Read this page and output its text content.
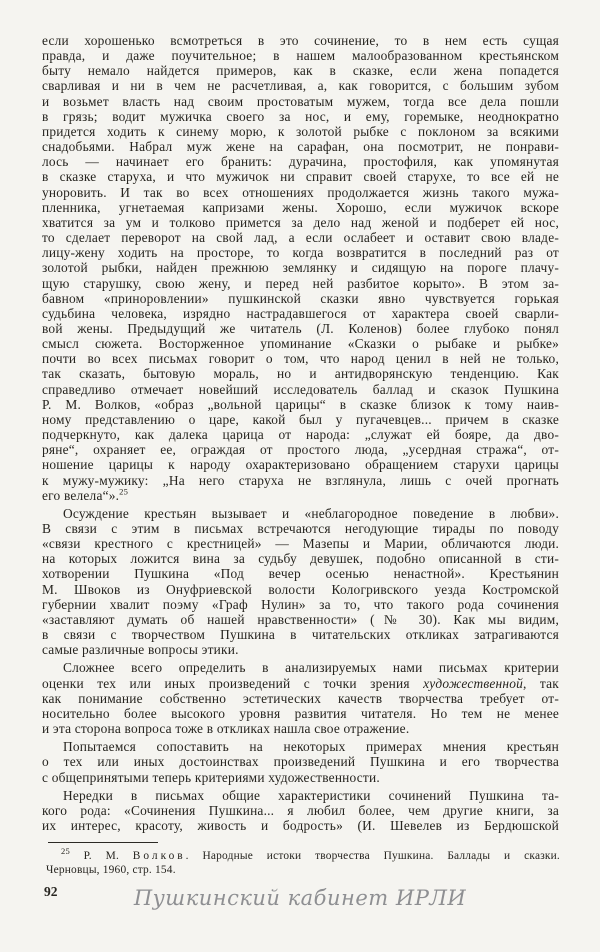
если хорошенько всмотреться в это сочинение, то в нем есть сущая
правда, и даже поучительное; в нашем малообразованном крестьянском
быту немало найдется примеров, как в сказке, если жена попадется
сварливая и ни в чем не расчетливая, а, как говорится, с большим зубом
и возьмет власть над своим простоватым мужем, тогда все дела пошли
в грязь; водит мужичка своего за нос, и ему, горемыке, неоднократно
придется ходить к синему морю, к золотой рыбке с поклоном за всякими
снадобьями. Набрал муж жене на сарафан, она посмотрит, не понрави-
лось — начинает его бранить: дурачина, простофиля, как упомянутая
в сказке старуха, и что мужичок ни справит своей старухе, то все ей не
уноровить. И так во всех отношениях продолжается жизнь такого мужа-
пленника, угнетаемая капризами жены. Хорошо, если мужичок вскоре
хватится за ум и толково примется за дело над женой и подберет ей нос,
то сделает переворот на свой лад, а если ослабеет и оставит свою владе-
лицу-жену ходить на просторе, то когда возвратится в последний раз от
золотой рыбки, найден прежнюю землянку и сидящую на пороге плачу-
щую старушку, свою жену, и перед ней разбитое корыто». В этом за-
бавном «приноровлении» пушкинской сказки явно чувствуется горькая
судьбина человека, изрядно настрадавшегося от характера своей сварли-
вой жены. Предыдущий же читатель (Л. Коленов) более глубоко понял
смысл сюжета. Восторженное упоминание «Сказки о рыбаке и рыбке»
почти во всех письмах говорит о том, что народ ценил в ней не только,
так сказать, бытовую мораль, но и антидворянскую тенденцию. Как
справедливо отмечает новейший исследователь баллад и сказок Пушкина
Р. М. Волков, «образ „вольной царицы“ в сказке близок к тому наив-
ному представлению о царе, какой был у пугачевцев... причем в сказке
подчеркнуто, как далека царица от народа: „служат ей бояре, да дво-
ряне“, охраняет ее, ограждая от простого люда, „усердная стража“, от-
ношение царицы к народу охарактеризовано обращением старухи царицы
к мужу-мужику: „На него старуха не взглянула, лишь с очей прогнать
его велела“».$^{25}$
Осуждение крестьян вызывает и «неблагородное поведение в любви».
В связи с этим в письмах встречаются негодующие тирады по поводу
«связи крестного с крестницей» — Мазепы и Марии, обличаются люди.
на которых ложится вина за судьбу девушек, подобно описанной в сти-
хотворении Пушкина «Под вечер осенью ненастной». Крестьянин
М. Швоков из Онуфриевской волости Кологривского уезда Костромской
губернии хвалит поэму «Граф Нулин» за то, что такого рода сочинения
«заставляют думать об нашей нравственности» (№ 30). Как мы видим,
в связи с творчеством Пушкина в читательских откликах затрагиваются
самые различные вопросы этики.
Сложнее всего определить в анализируемых нами письмах критерии
оценки тех или иных произведений с точки зрения художественной, так
как понимание собственно эстетических качеств творчества требует от-
носительно более высокого уровня развития читателя. Но тем не менее
и эта сторона вопроса тоже в откликах нашла свое отражение.
Попытаемся сопоставить на некоторых примерах мнения крестьян
о тех или иных достоинствах произведений Пушкина и его творчества
с общепринятыми теперь критериями художественности.
Нередки в письмах общие характеристики сочинений Пушкина та-
кого рода: «Сочинения Пушкина... я любил более, чем другие книги, за
их интерес, красоту, живость и бодрость» (И. Шевелев из Бердюшской
$^{25}$ Р. М. Волков. Народные истоки творчества Пушкина. Баллады и сказки.
Черновцы, 1960, стр. 154.
92	Пушкинский кабинет ИРЛИ
